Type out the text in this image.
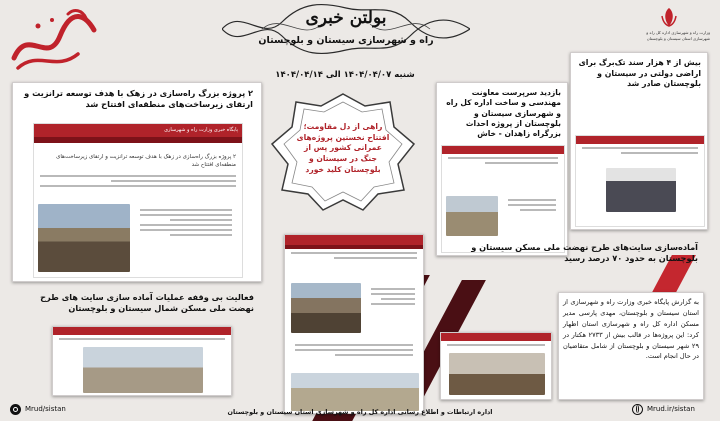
بولتن خبری
راه و شهرسازی سیستان و بلوچستان
وزارت راه و شهرسازی اداره کل راه و شهرسازی استان سیستان و بلوچستان
شنبه ۱۴۰۴/۰۴/۰۷ الی ۱۴۰۴/۰۴/۱۴
۲ پروژه بزرگ راه‌سازی در زهک با هدف توسعه ترانزیت و ارتقای زیرساخت‌های منطقه‌ای افتتاح شد
پایگاه خبری وزارت راه و شهرسازی
۲ پروژه بزرگ راه‌سازی در زهک با هدف توسعه ترانزیت و ارتقای زیرساخت‌های منطقه‌ای افتتاح شد
فعالیت بی وقفه عملیات آماده سازی سایت های طرح نهضت ملی مسکن شمال سیستان و بلوچستان
راهی از دل مقاومت؛ افتتاح نخستین پروژه‌های عمرانی کشور پس از جنگ در سیستان و بلوچستان کلید خورد
بازدید سرپرست معاونت مهندسی و ساخت اداره کل راه و شهرسازی سیستان و بلوچستان از پروژه احداث بزرگراه زاهدان - خاش
بیش از ۴ هزار سند تک‌برگ برای اراضی دولتی در سیستان و بلوچستان صادر شد
آماده‌سازی سایت‌های طرح نهضت ملی مسکن سیستان و بلوچستان به حدود ۷۰ درصد رسید
به گزارش پایگاه خبری وزارت راه و شهرسازی از استان سیستان و بلوچستان، مهدی پارسی مدیر مسکن اداره کل راه و شهرسازی استان اظهار کرد: این پروژه‌ها در قالب بیش از ۲۷۳۳ هکتار در ۲۹ شهر سیستان و بلوچستان از شامل متقاضیان در حال انجام است.
اداره ارتباطات و اطلاع رسانی اداره کل راه و شهرسازی استان سیستان و بلوچستان
Mrud/sistan	Mrud.ir/sistan
